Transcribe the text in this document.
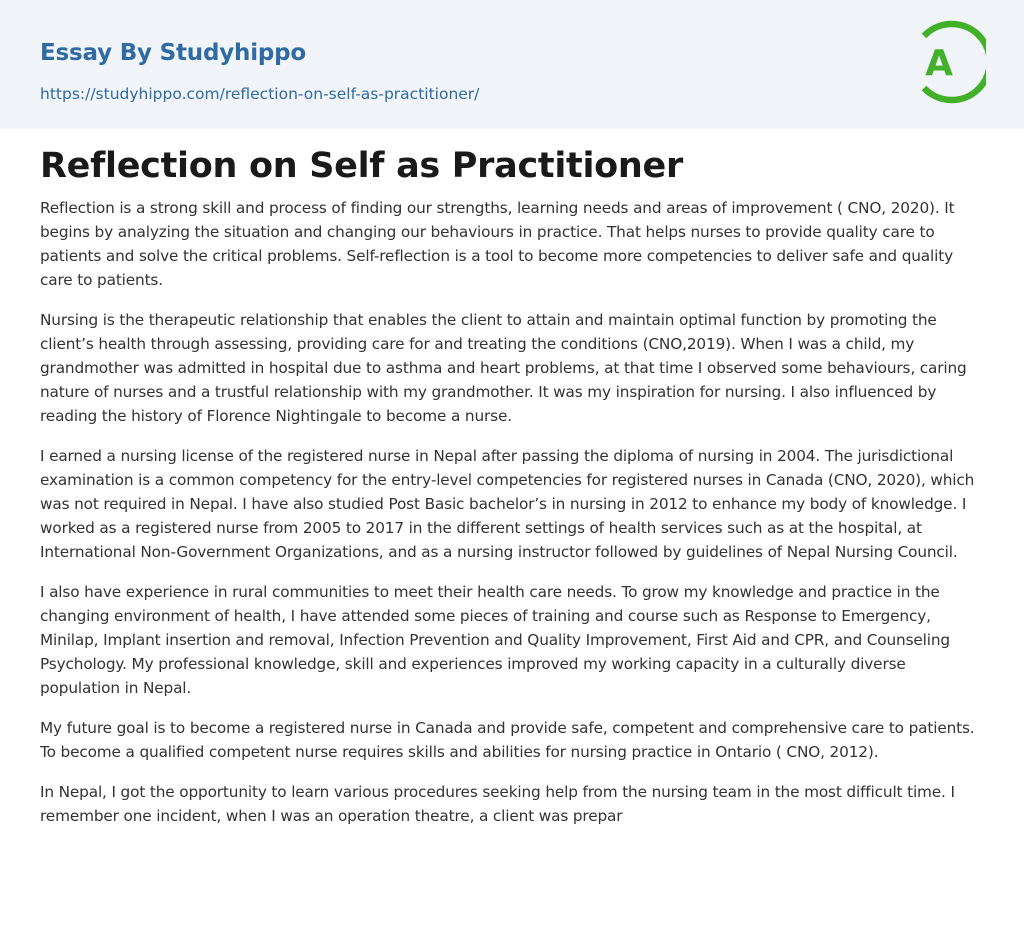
Essay By Studyhippo
https://studyhippo.com/reflection-on-self-as-practitioner/
A
Reflection on Self as Practitioner

Reflection is a strong skill and process of finding our strengths, learning needs and areas of improvement ( CNO, 2020). It begins by analyzing the situation and changing our behaviours in practice. That helps nurses to provide quality care to patients and solve the critical problems. Self-reflection is a tool to become more competencies to deliver safe and quality care to patients.

Nursing is the therapeutic relationship that enables the client to attain and maintain optimal function by promoting the client’s health through assessing, providing care for and treating the conditions (CNO,2019). When I was a child, my grandmother was admitted in hospital due to asthma and heart problems, at that time I observed some behaviours, caring nature of nurses and a trustful relationship with my grandmother. It was my inspiration for nursing. I also influenced by reading the history of Florence Nightingale to become a nurse.

I earned a nursing license of the registered nurse in Nepal after passing the diploma of nursing in 2004. The jurisdictional examination is a common competency for the entry-level competencies for registered nurses in Canada (CNO, 2020), which was not required in Nepal. I have also studied Post Basic bachelor’s in nursing in 2012 to enhance my body of knowledge. I worked as a registered nurse from 2005 to 2017 in the different settings of health services such as at the hospital, at International Non-Government Organizations, and as a nursing instructor followed by guidelines of Nepal Nursing Council.

I also have experience in rural communities to meet their health care needs. To grow my knowledge and practice in the changing environment of health, I have attended some pieces of training and course such as Response to Emergency, Minilap, Implant insertion and removal, Infection Prevention and Quality Improvement, First Aid and CPR, and Counseling Psychology. My professional knowledge, skill and experiences improved my working capacity in a culturally diverse population in Nepal.

My future goal is to become a registered nurse in Canada and provide safe, competent and comprehensive care to patients. To become a qualified competent nurse requires skills and abilities for nursing practice in Ontario ( CNO, 2012).

In Nepal, I got the opportunity to learn various procedures seeking help from the nursing team in the most difficult time. I remember one incident, when I was an operation theatre, a client was prepar
